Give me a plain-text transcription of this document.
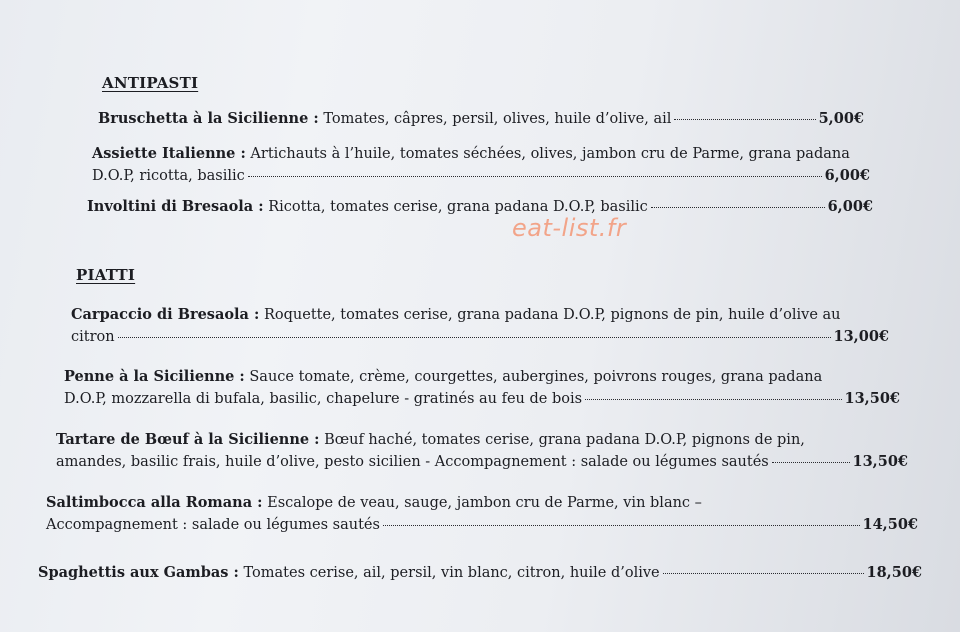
ANTIPASTI
Bruschetta à la Sicilienne :
Tomates, câpres, persil, olives, huile d’olive, ail	5,00€
Assiette Italienne :
Artichauts à l’huile, tomates séchées, olives, jambon cru de Parme, grana padana
D.O.P, ricotta, basilic	6,00€
Involtini di Bresaola :
Ricotta, tomates cerise, grana padana D.O.P, basilic	6,00€
eat-list.fr
PIATTI
Carpaccio di Bresaola :
Roquette, tomates cerise, grana padana D.O.P, pignons de pin, huile d’olive au
citron	13,00€
Penne à la Sicilienne :
Sauce tomate, crème, courgettes, aubergines, poivrons rouges, grana padana
D.O.P, mozzarella di bufala, basilic, chapelure - gratinés au feu de bois	13,50€
Tartare de Bœuf à la Sicilienne :
Bœuf haché, tomates cerise, grana padana D.O.P, pignons de pin,
amandes, basilic frais, huile d’olive, pesto sicilien - Accompagnement : salade ou légumes sautés	13,50€
Saltimbocca alla Romana :
Escalope de veau, sauge, jambon cru de Parme, vin blanc –
Accompagnement : salade ou légumes sautés	14,50€
Spaghettis aux Gambas :
Tomates cerise, ail, persil, vin blanc, citron, huile d’olive	18,50€
